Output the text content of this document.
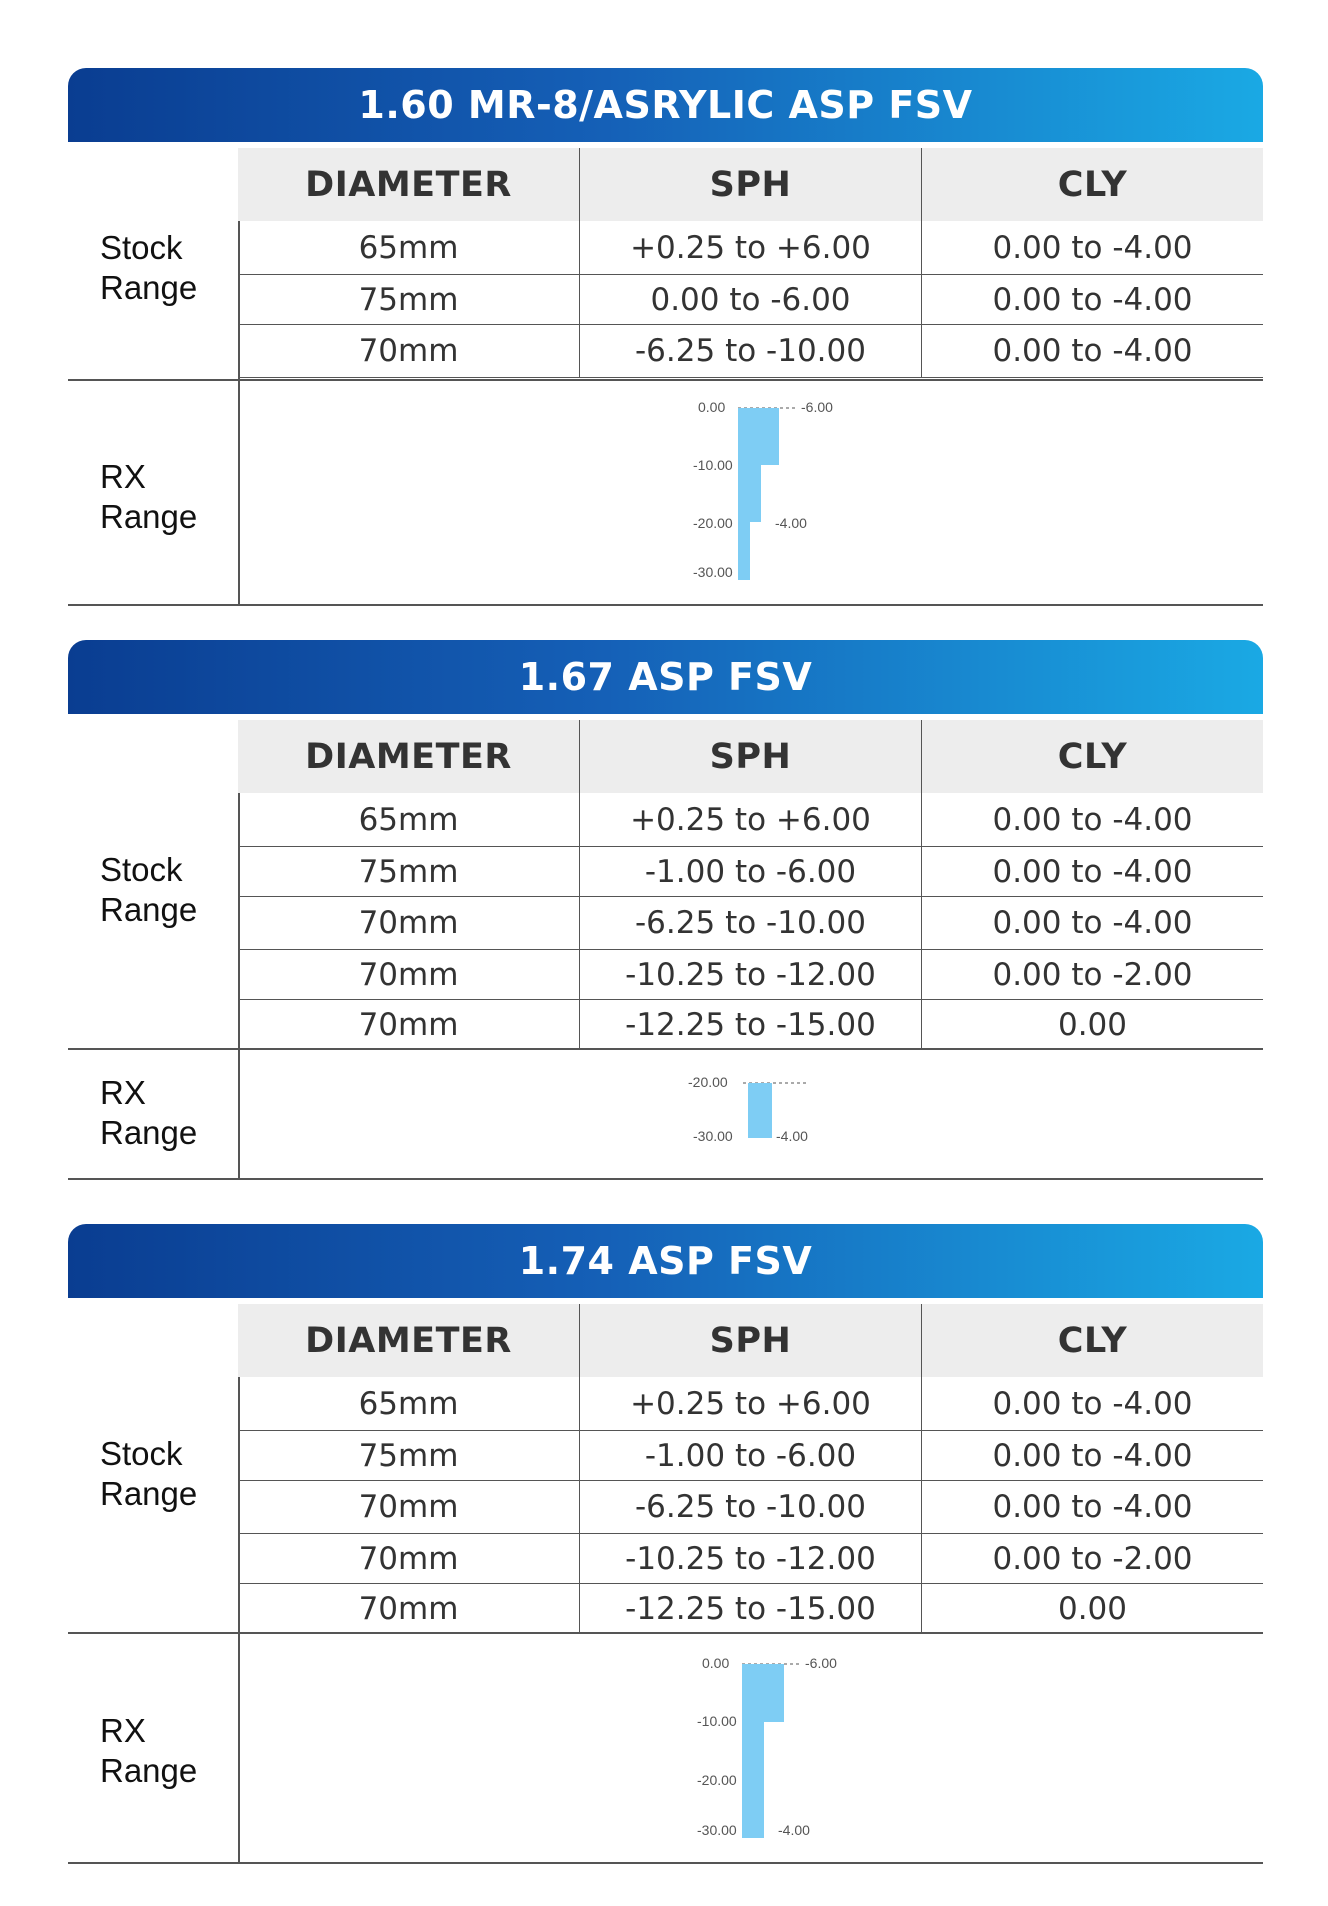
1.60 MR-8/ASRYLIC ASP FSV
DIAMETER	SPH	CLY
65mm	+0.25 to +6.00	0.00 to -4.00
75mm	0.00 to -6.00	0.00 to -4.00
70mm	-6.25 to -10.00	0.00 to -4.00
Stock
Range
RX
Range
0.00
-10.00
-20.00
-30.00
-6.00
-4.00
1.67 ASP FSV
DIAMETER	SPH	CLY
65mm	+0.25 to +6.00	0.00 to -4.00
75mm	-1.00 to -6.00	0.00 to -4.00
70mm	-6.25 to -10.00	0.00 to -4.00
70mm	-10.25 to -12.00	0.00 to -2.00
70mm	-12.25 to -15.00	0.00
Stock
Range
RX
Range
-20.00
-30.00	-4.00
1.74 ASP FSV
DIAMETER	SPH	CLY
65mm	+0.25 to +6.00	0.00 to -4.00
75mm	-1.00 to -6.00	0.00 to -4.00
70mm	-6.25 to -10.00	0.00 to -4.00
70mm	-10.25 to -12.00	0.00 to -2.00
70mm	-12.25 to -15.00	0.00
Stock
Range
RX
Range
0.00
-10.00
-20.00
-30.00
-6.00
-4.00
